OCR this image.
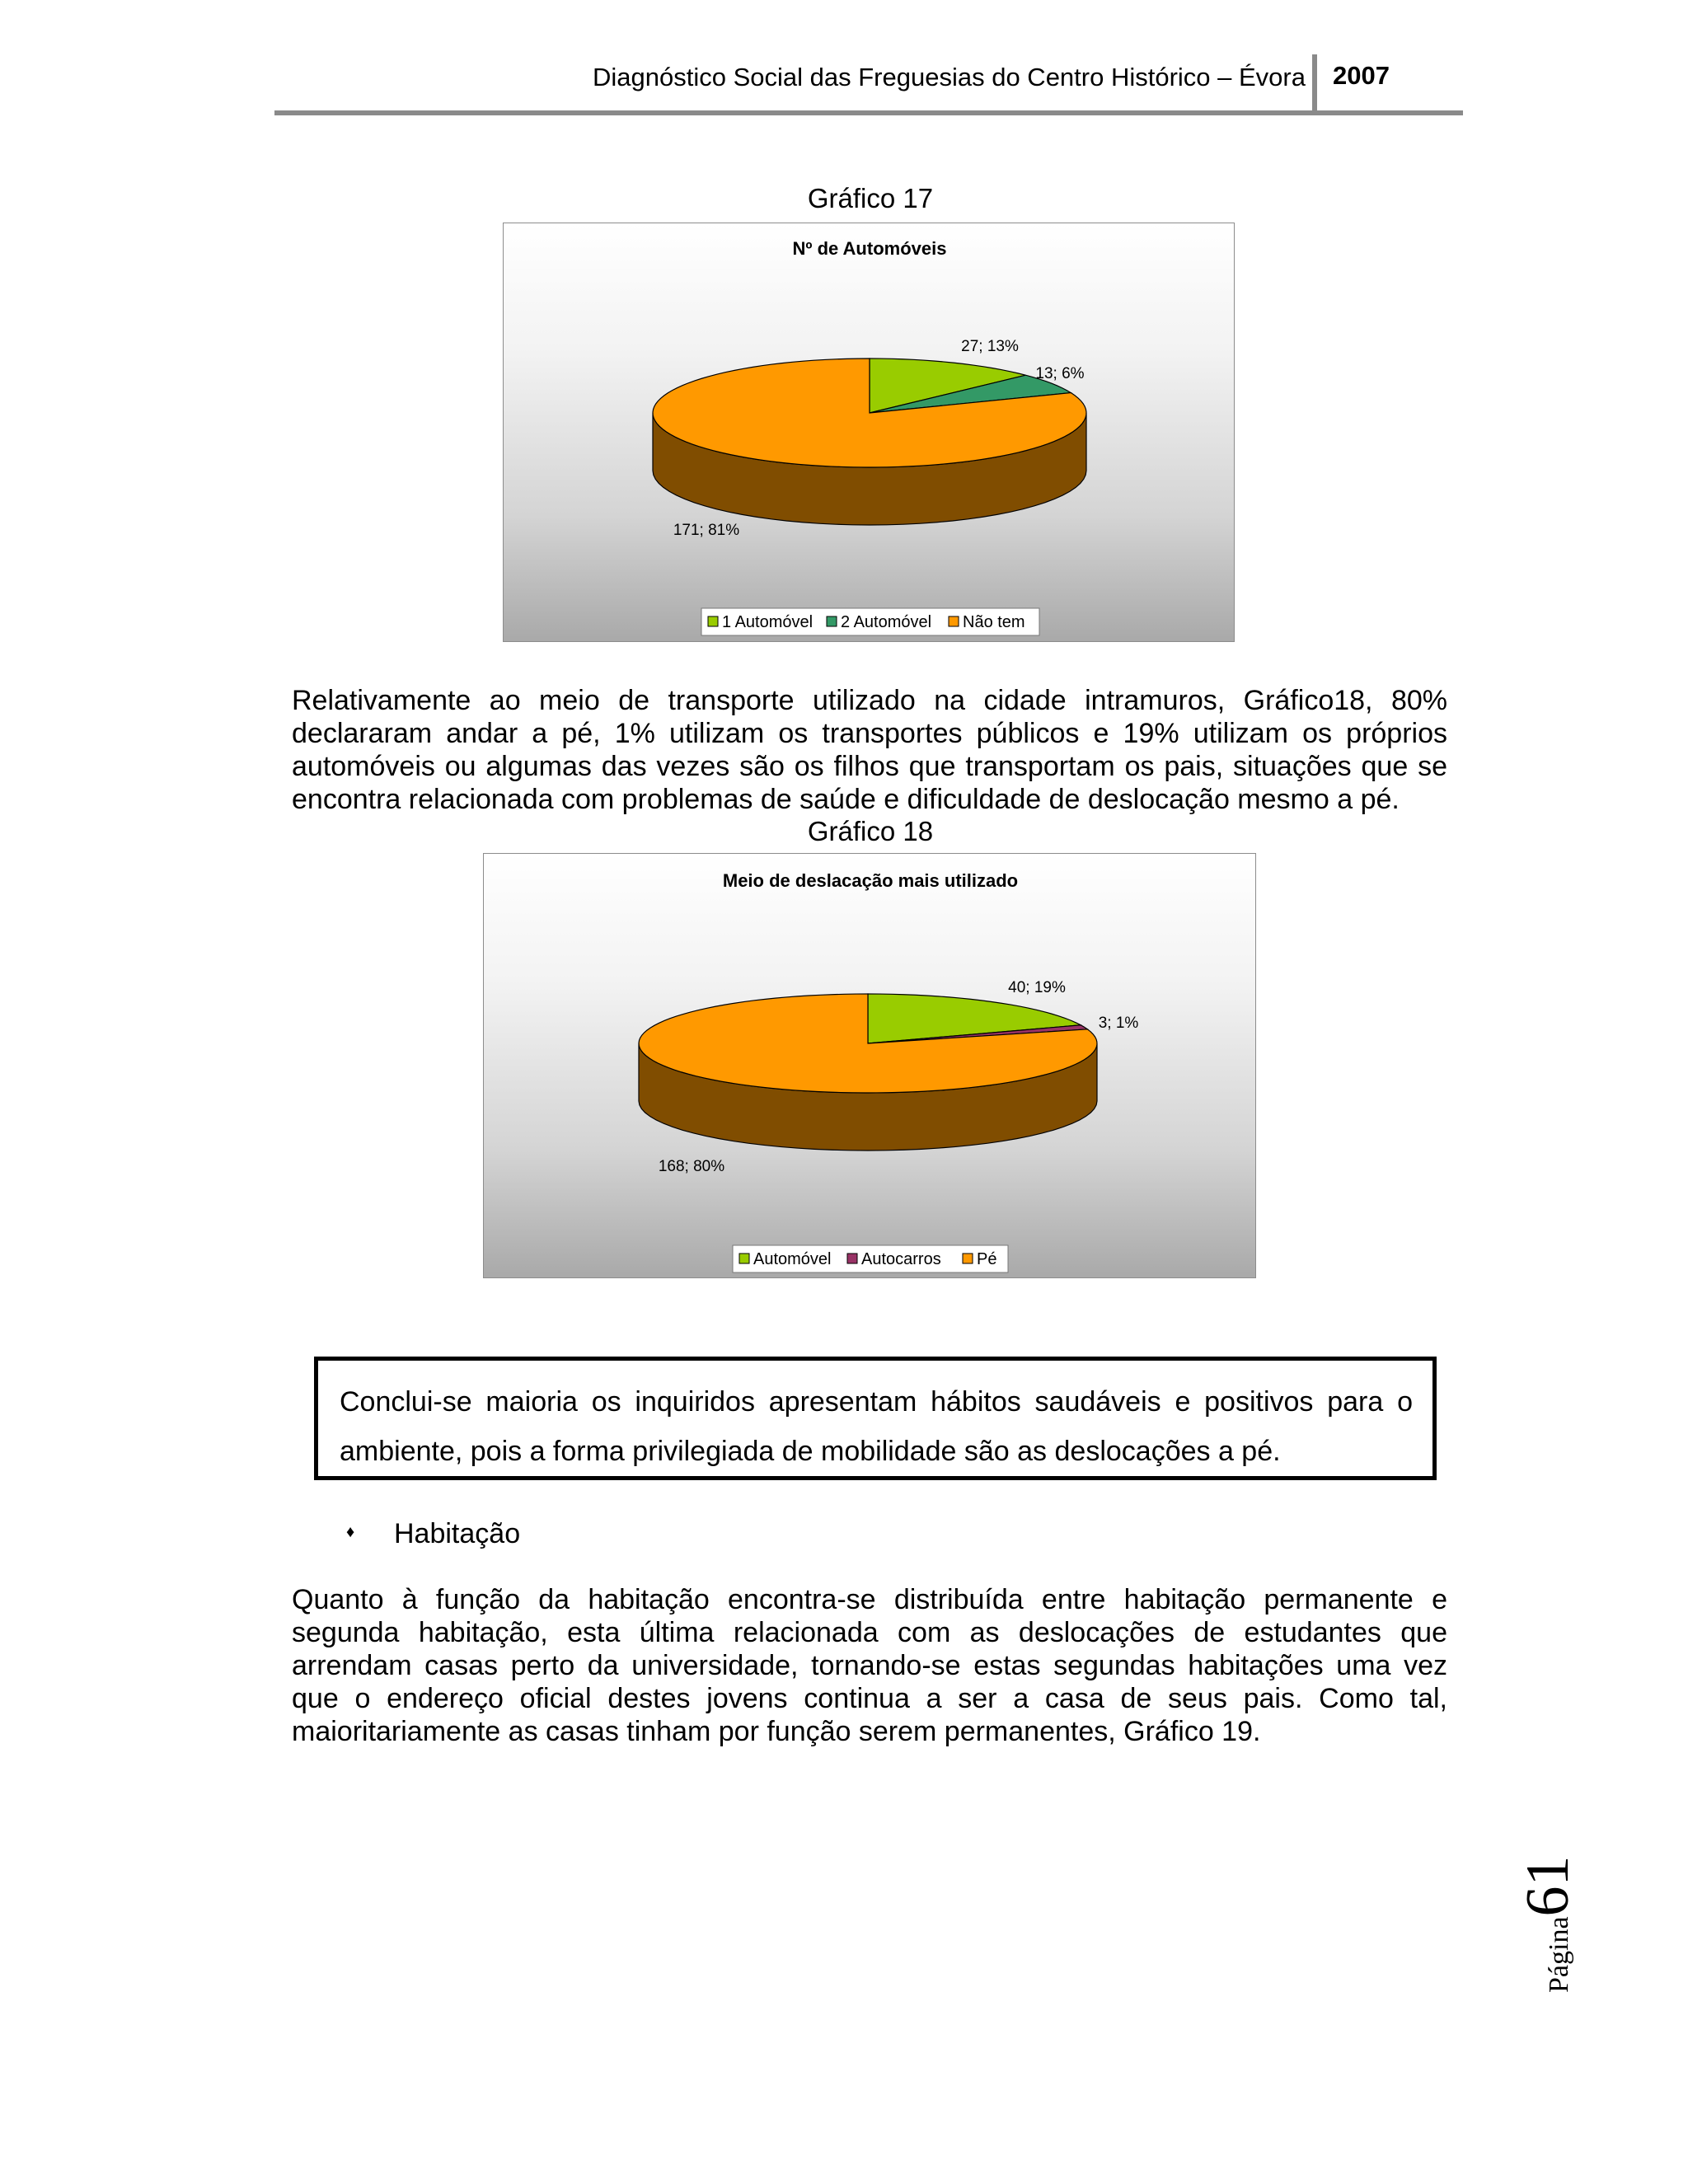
Diagnóstico Social das Freguesias do Centro Histórico – Évora 2007
Gráfico 17
Nº de Automóveis
27; 13%
13; 6%
171; 81%
1 Automóvel 2 Automóvel Não tem

Relativamente ao meio de transporte utilizado na cidade intramuros, Gráfico18, 80% declararam andar a pé, 1% utilizam os transportes públicos e 19% utilizam os próprios automóveis ou algumas das vezes são os filhos que transportam os pais, situações que se encontra relacionada com problemas de saúde e dificuldade de deslocação mesmo a pé.

Gráfico 18
Meio de deslacação mais utilizado
40; 19%
3; 1%
168; 80%
Automóvel Autocarros Pé

Conclui-se maioria os inquiridos apresentam hábitos saudáveis e positivos para o ambiente, pois a forma privilegiada de mobilidade são as deslocações a pé.

♦ Habitação

Quanto à função da habitação encontra-se distribuída entre habitação permanente e segunda habitação, esta última relacionada com as deslocações de estudantes que arrendam casas perto da universidade, tornando-se estas segundas habitações uma vez que o endereço oficial destes jovens continua a ser a casa de seus pais. Como tal, maioritariamente as casas tinham por função serem permanentes, Gráfico 19.

Página61
